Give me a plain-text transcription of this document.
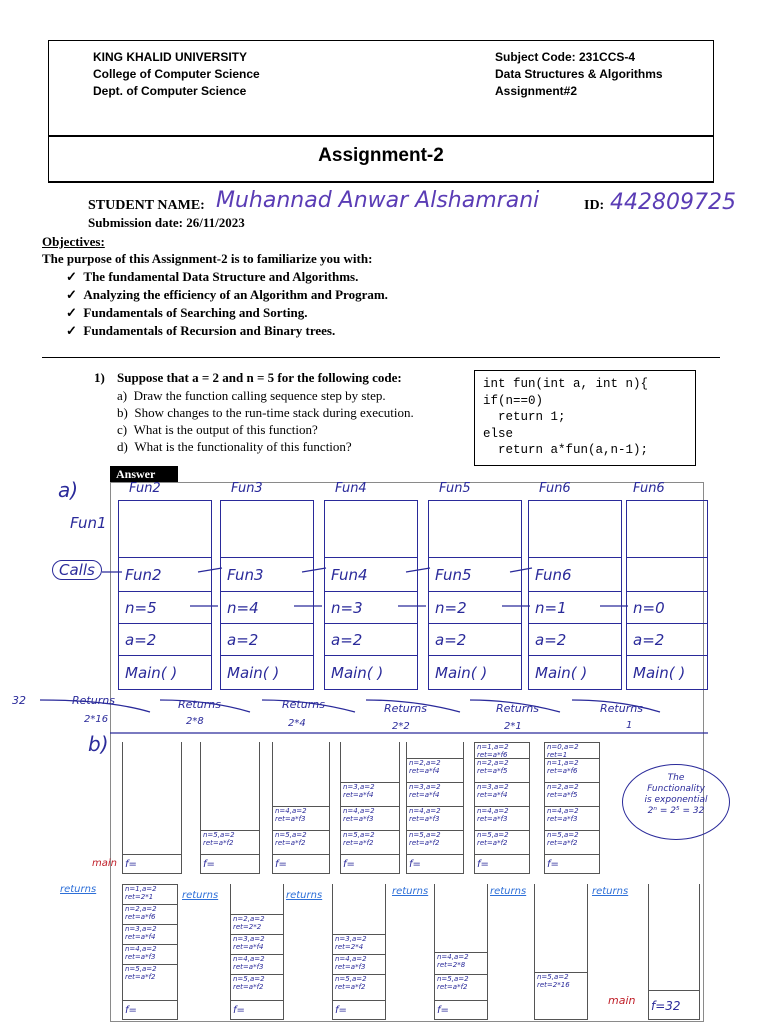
KING KHALID UNIVERSITY
College of Computer Science
Dept. of Computer Science
Subject Code: 231CCS-4
Data Structures & Algorithms
Assignment#2
Assignment-2
STUDENT NAME: Muhannad Anwar Alshamrani	ID: 442809725
Submission date: 26/11/2023
Objectives:
The purpose of this Assignment-2 is to familiarize you with:
✓  The fundamental Data Structure and Algorithms.
✓  Analyzing the efficiency of an Algorithm and Program.
✓  Fundamentals of Searching and Sorting.
✓  Fundamentals of Recursion and Binary trees.
1) Suppose that a = 2 and n = 5 for the following code:
a) Draw the function calling sequence step by step.
b) Show changes to the run-time stack during execution.
c) What is the output of this function?
d) What is the functionality of this function?
int fun(int a, int n){
if(n==0)
return 1;
else
return a*fun(a,n-1);
Answer
a)
Fun1
Calls
Fun2
Fun2
n=5
a=2
Main( )
Fun3
Fun3
n=4
a=2
Main( )
Fun4
Fun4
n=3
a=2
Main( )
Fun5
Fun5
n=2
a=2
Main( )
Fun6
Fun6
n=1
a=2
Main( )
Fun6
n=0
a=2
Main( )
32	Returns
2*16
Returns
2*8
Returns
2*4
Returns
2*2
Returns
2*1
Returns
1
b)
f=
n=5,a=2
ret=a*f2
f=
n=4,a=2
ret=a*f3
n=5,a=2
ret=a*f2
f=
n=3,a=2
ret=a*f4
n=4,a=2
ret=a*f3
n=5,a=2
ret=a*f2
f=
n=2,a=2
ret=a*f4
n=3,a=2
ret=a*f4
n=4,a=2
ret=a*f3
n=5,a=2
ret=a*f2
f=
n=1,a=2
ret=a*f6
n=2,a=2
ret=a*f5
n=3,a=2
ret=a*f4
n=4,a=2
ret=a*f3
n=5,a=2
ret=a*f2
f=
n=0,a=2
ret=1
n=1,a=2
ret=a*f6
n=2,a=2
ret=a*f5
n=4,a=2
ret=a*f3
n=5,a=2
ret=a*f2
f=
main
The
Functionality
is exponential
2ⁿ = 2⁵ = 32
returns
returns	returns	returns	returns	returns
n=1,a=2
ret=2*1
n=2,a=2
ret=a*f6
n=3,a=2
ret=a*f4
n=4,a=2
ret=a*f3
n=5,a=2
ret=a*f2
f=
n=2,a=2
ret=2*2
n=3,a=2
ret=a*f4
n=4,a=2
ret=a*f3
n=5,a=2
ret=a*f2
f=
n=3,a=2
ret=2*4
n=4,a=2
ret=a*f3
n=5,a=2
ret=a*f2
f=
n=4,a=2
ret=2*8
n=5,a=2
ret=a*f2
f=
n=5,a=2
ret=2*16
f=32
main
